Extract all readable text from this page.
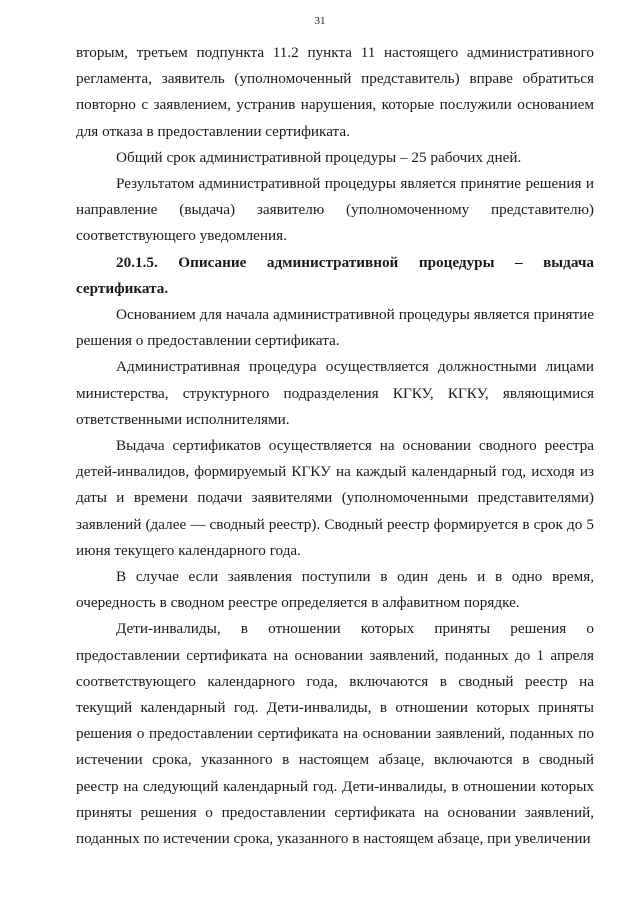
31

вторым, третьем подпункта 11.2 пункта 11 настоящего административного регламента, заявитель (уполномоченный представитель) вправе обратиться повторно с заявлением, устранив нарушения, которые послужили основанием для отказа в предоставлении сертификата.

Общий срок административной процедуры – 25 рабочих дней.

Результатом административной процедуры является принятие решения и направление (выдача) заявителю (уполномоченному представителю) соответствующего уведомления.

20.1.5. Описание административной процедуры – выдача сертификата.

Основанием для начала административной процедуры является принятие решения о предоставлении сертификата.

Административная процедура осуществляется должностными лицами министерства, структурного подразделения КГКУ, КГКУ, являющимися ответственными исполнителями.

Выдача сертификатов осуществляется на основании сводного реестра детей-инвалидов, формируемый КГКУ на каждый календарный год, исходя из даты и времени подачи заявителями (уполномоченными представителями) заявлений (далее — сводный реестр). Сводный реестр формируется в срок до 5 июня текущего календарного года.

В случае если заявления поступили в один день и в одно время, очередность в сводном реестре определяется в алфавитном порядке.

Дети-инвалиды, в отношении которых приняты решения о предоставлении сертификата на основании заявлений, поданных до 1 апреля соответствующего календарного года, включаются в сводный реестр на текущий календарный год. Дети-инвалиды, в отношении которых приняты решения о предоставлении сертификата на основании заявлений, поданных по истечении срока, указанного в настоящем абзаце, включаются в сводный реестр на следующий календарный год. Дети-инвалиды, в отношении которых приняты решения о предоставлении сертификата на основании заявлений, поданных по истечении срока, указанного в настоящем абзаце, при увеличении
